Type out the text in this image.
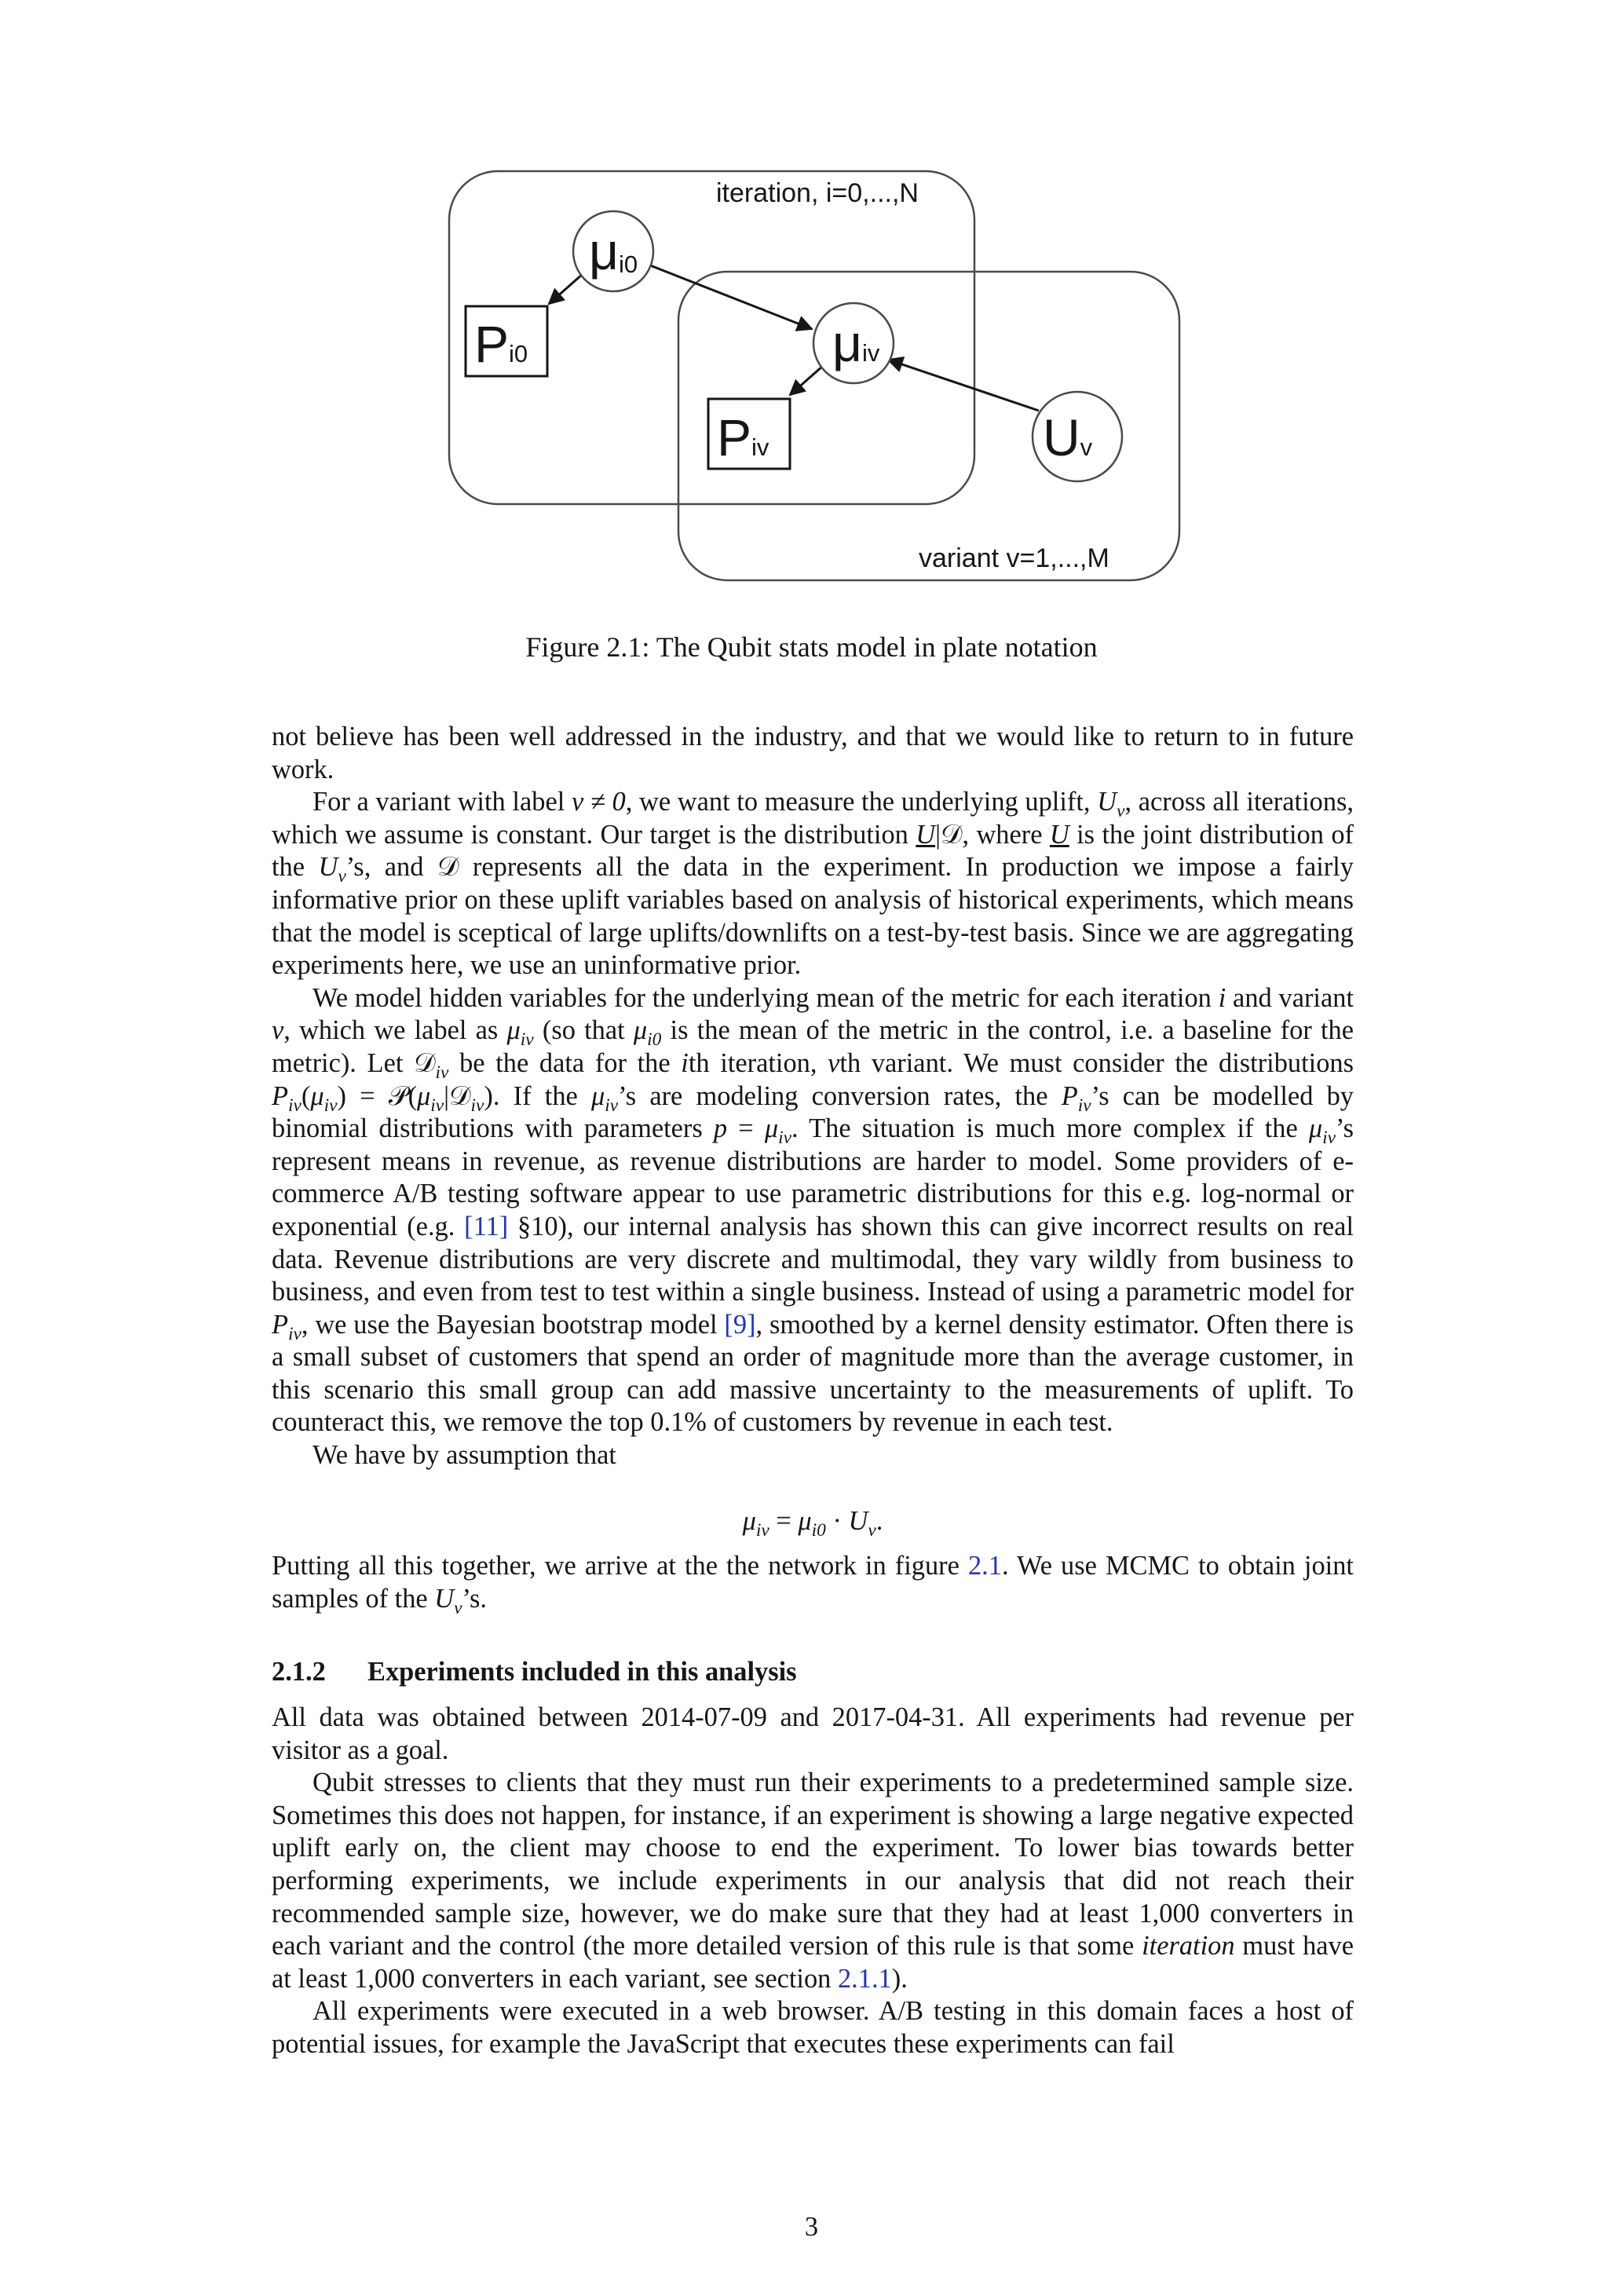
iteration, i=0,...,N
variant v=1,...,M
μi0
Pi0	μiv
Piv	Uv
Figure 2.1: The Qubit stats model in plate notation

not believe has been well addressed in the industry, and that we would like to return to in future work.

For a variant with label v ≠ 0, we want to measure the underlying uplift, $U_v$, across all iterations, which we assume is constant. Our target is the distribution U|𝒟, where U is the joint distribution of the $U_v’s$, and 𝒟 represents all the data in the experiment. In production we impose a fairly informative prior on these uplift variables based on analysis of historical experiments, which means that the model is sceptical of large uplifts/downlifts on a test-by-test basis. Since we are aggregating experiments here, we use an uninformative prior.

We model hidden variables for the underlying mean of the metric for each iteration i and variant v, which we label as $\mu_{iv}$ (so that $\mu_{i0}$ is the mean of the metric in the control, i.e. a baseline for the metric). Let 𝒟$_{iv}$ be the data for the ith iteration, vth variant. We must consider the distributions $P_{iv}(\mu_{iv})$ = $𝒫(\mu_{iv}|𝒟_{iv})$. If the $\mu_{iv}’s$ are modeling conversion rates, the $P_{iv}’s$ can be modelled by binomial distributions with parameters $p = \mu_{iv}$. The situation is much more complex if the $\mu_{iv}’s$ represent means in revenue, as revenue distributions are harder to model. Some providers of e-commerce A/B testing software appear to use parametric distributions for this e.g. log-normal or exponential (e.g. [11] §10), our internal analysis has shown this can give incorrect results on real data. Revenue distributions are very discrete and multimodal, they vary wildly from business to business, and even from test to test within a single business. Instead of using a parametric model for $P_{iv}$, we use the Bayesian bootstrap model [9], smoothed by a kernel density estimator. Often there is a small subset of customers that spend an order of magnitude more than the average customer, in this scenario this small group can add massive uncertainty to the measurements of uplift. To counteract this, we remove the top 0.1% of customers by revenue in each test.

We have by assumption that

$\mu_{iv} = \mu_{i0} \cdot U_v$.

Putting all this together, we arrive at the the network in figure 2.1. We use MCMC to obtain joint samples of the $U_v’s$.

2.1.2 Experiments included in this analysis

All data was obtained between 2014-07-09 and 2017-04-31. All experiments had revenue per visitor as a goal.

Qubit stresses to clients that they must run their experiments to a predetermined sample size. Sometimes this does not happen, for instance, if an experiment is showing a large negative expected uplift early on, the client may choose to end the experiment. To lower bias towards better performing experiments, we include experiments in our analysis that did not reach their recommended sample size, however, we do make sure that they had at least 1,000 converters in each variant and the control (the more detailed version of this rule is that some iteration must have at least 1,000 converters in each variant, see section 2.1.1).

All experiments were executed in a web browser. A/B testing in this domain faces a host of potential issues, for example the JavaScript that executes these experiments can fail

3
